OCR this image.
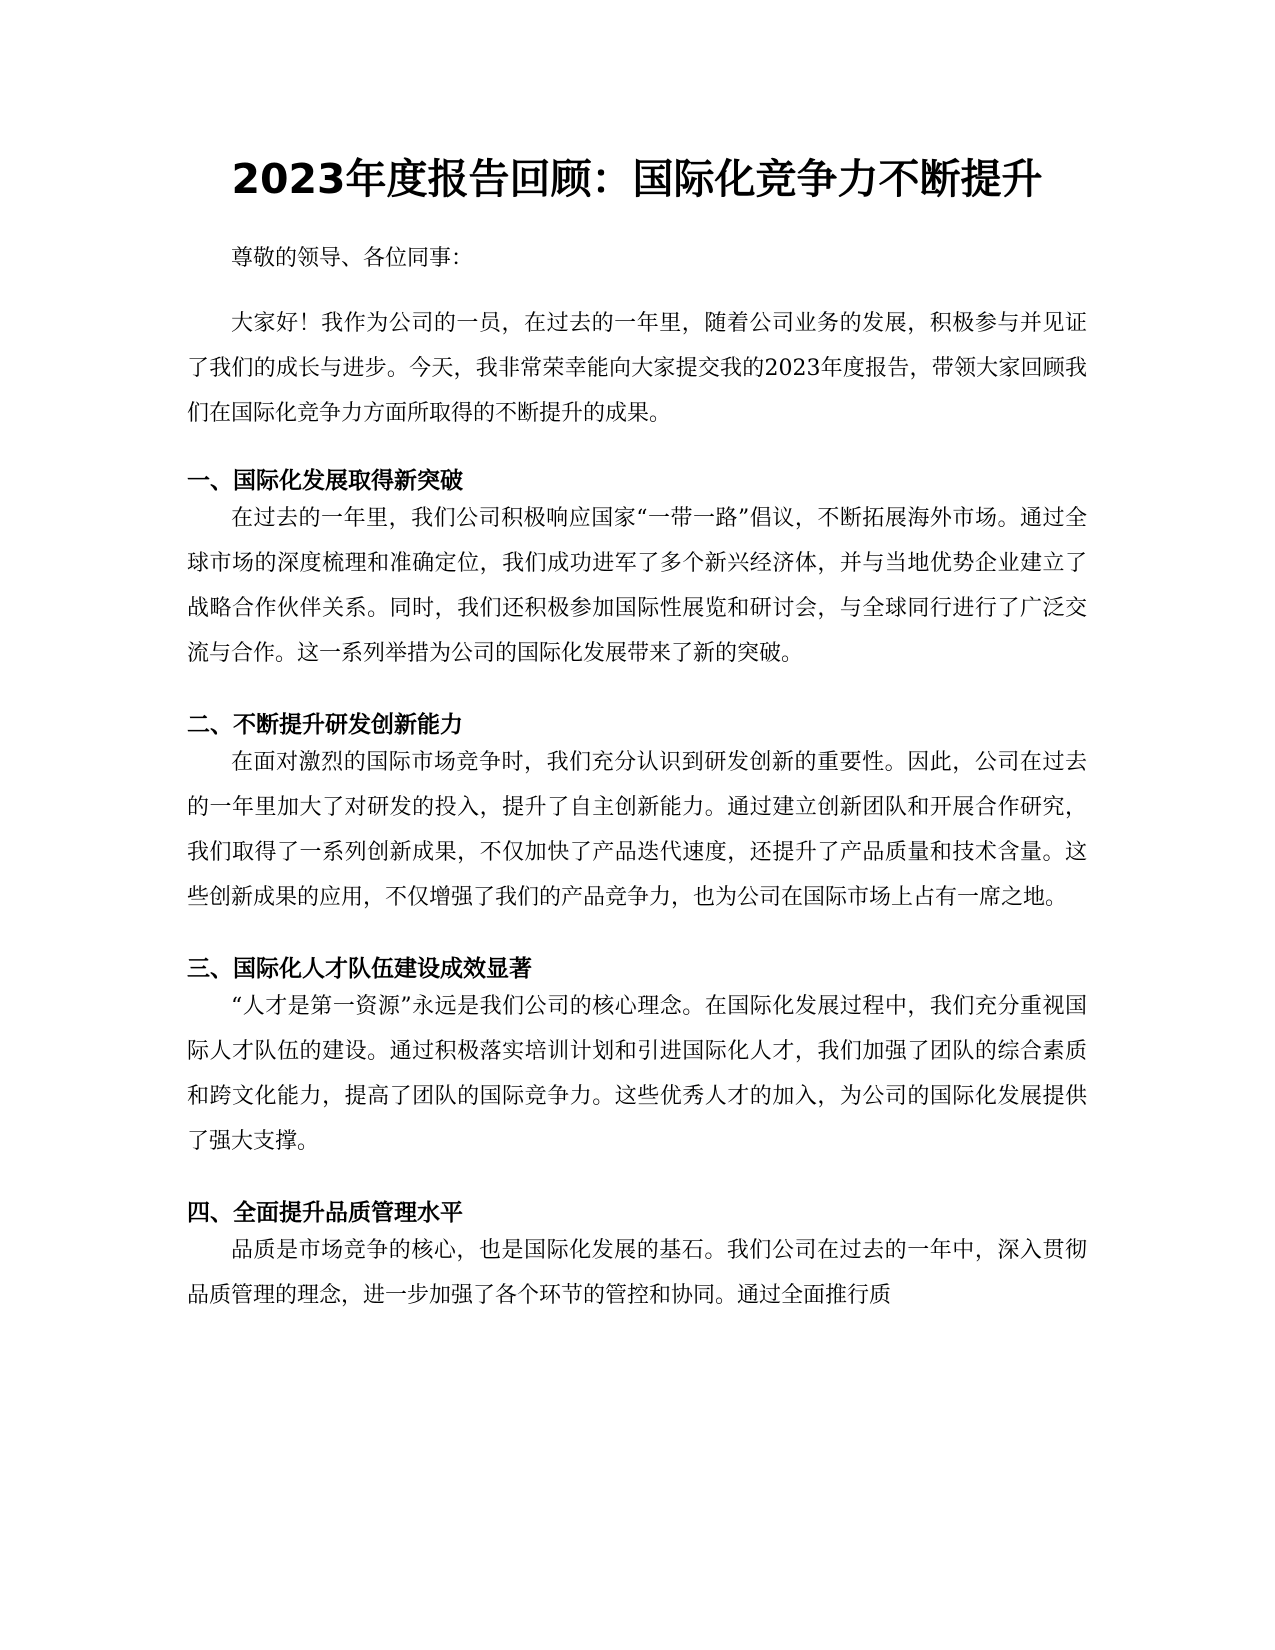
2023年度报告回顾：国际化竞争力不断提升

尊敬的领导、各位同事：

大家好！我作为公司的一员，在过去的一年里，随着公司业务的发展，积极参与并见证了我们的成长与进步。今天，我非常荣幸能向大家提交我的2023年度报告，带领大家回顾我们在国际化竞争力方面所取得的不断提升的成果。

一、国际化发展取得新突破

在过去的一年里，我们公司积极响应国家“一带一路”倡议，不断拓展海外市场。通过全球市场的深度梳理和准确定位，我们成功进军了多个新兴经济体，并与当地优势企业建立了战略合作伙伴关系。同时，我们还积极参加国际性展览和研讨会，与全球同行进行了广泛交流与合作。这一系列举措为公司的国际化发展带来了新的突破。

二、不断提升研发创新能力

在面对激烈的国际市场竞争时，我们充分认识到研发创新的重要性。因此，公司在过去的一年里加大了对研发的投入，提升了自主创新能力。通过建立创新团队和开展合作研究，我们取得了一系列创新成果，不仅加快了产品迭代速度，还提升了产品质量和技术含量。这些创新成果的应用，不仅增强了我们的产品竞争力，也为公司在国际市场上占有一席之地。

三、国际化人才队伍建设成效显著

“人才是第一资源”永远是我们公司的核心理念。在国际化发展过程中，我们充分重视国际人才队伍的建设。通过积极落实培训计划和引进国际化人才，我们加强了团队的综合素质和跨文化能力，提高了团队的国际竞争力。这些优秀人才的加入，为公司的国际化发展提供了强大支撑。

四、全面提升品质管理水平

品质是市场竞争的核心，也是国际化发展的基石。我们公司在过去的一年中，深入贯彻品质管理的理念，进一步加强了各个环节的管控和协同。通过全面推行质
